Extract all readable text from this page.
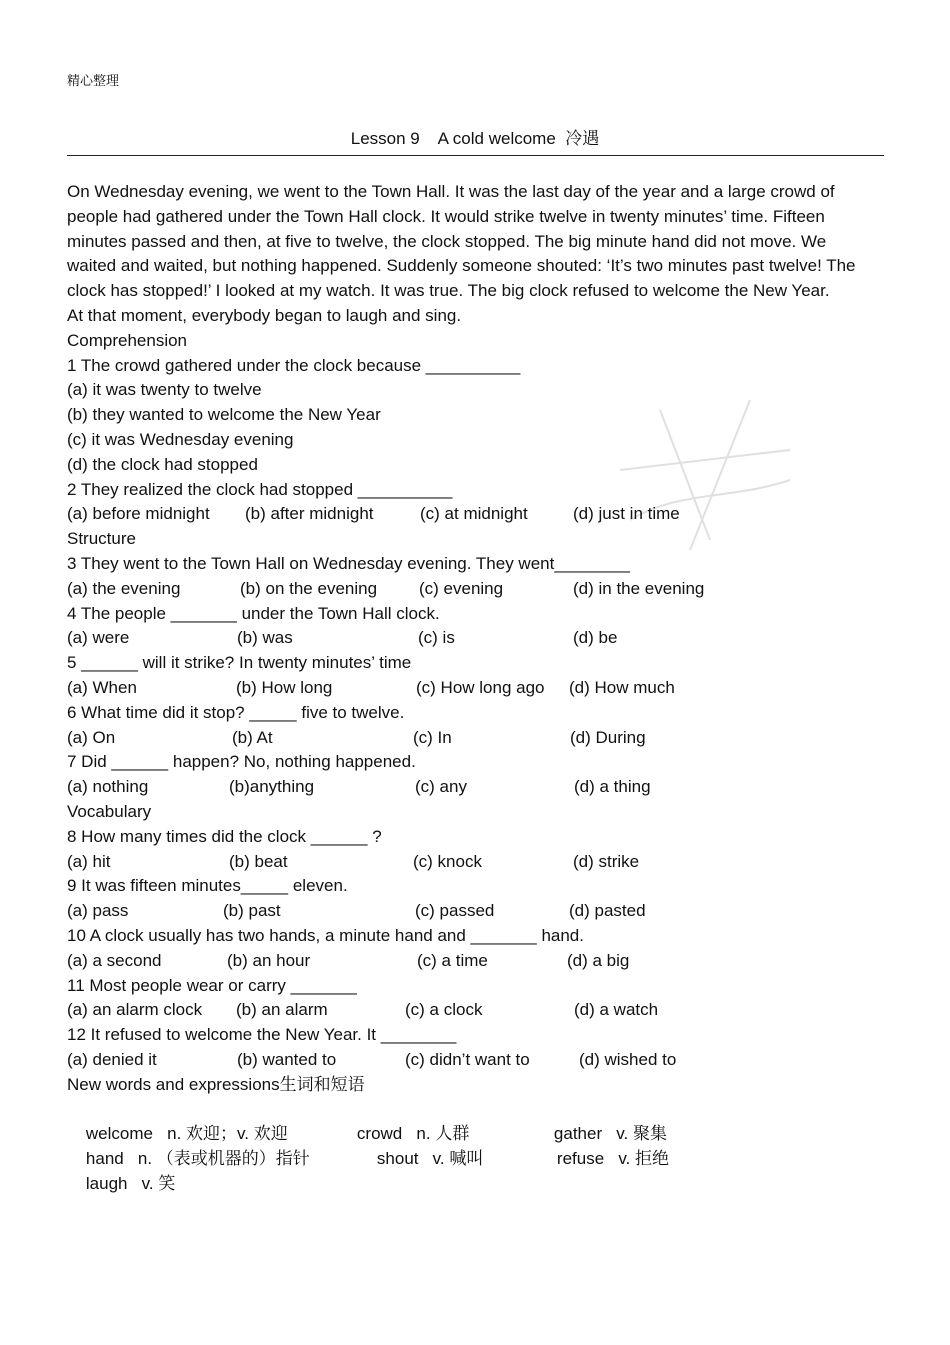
精心整理
Lesson 9    A cold welcome  冷遇
On Wednesday evening, we went to the Town Hall. It was the last day of the year and a large crowd of
people had gathered under the Town Hall clock. It would strike twelve in twenty minutes’ time. Fifteen
minutes passed and then, at five to twelve, the clock stopped. The big minute hand did not move. We
waited and waited, but nothing happened. Suddenly someone shouted: ‘It’s two minutes past twelve! The
clock has stopped!’ I looked at my watch. It was true. The big clock refused to welcome the New Year.
At that moment, everybody began to laugh and sing.
Comprehension
1 The crowd gathered under the clock because __________
(a) it was twenty to twelve
(b) they wanted to welcome the New Year
(c) it was Wednesday evening
(d) the clock had stopped
2 They realized the clock had stopped __________
(a) before midnight (b) after midnight	(c) at midnight	(d) just in time
Structure
3 They went to the Town Hall on Wednesday evening. They went________
(a) the evening	(b) on the evening (c) evening	(d) in the evening
4 The people _______ under the Town Hall clock.
(a) were	(b) was	(c) is	(d) be
5 ______ will it strike? In twenty minutes’ time
(a) When	(b) How long	(c) How long ago (d) How much
6 What time did it stop? _____ five to twelve.
(a) On	(b) At	(c) In	(d) During
7 Did ______ happen? No, nothing happened.
(a) nothing	(b)anything	(c) any	(d) a thing
Vocabulary
8 How many times did the clock ______ ?
(a) hit	(b) beat	(c) knock	(d) strike
9 It was fifteen minutes_____ eleven.
(a) pass	(b) past	(c) passed	(d) pasted
10 A clock usually has two hands, a minute hand and _______ hand.
(a) a second	(b) an hour	(c) a time	(d) a big
11 Most people wear or carry _______
(a) an alarm clock (b) an alarm	(c) a clock	(d) a watch
12 It refused to welcome the New Year. It ________
(a) denied it	(b) wanted to	(c) didn’t want to	(d) wished to
New words and expressions生词和短语

welcome   n. 欢迎；v. 欢迎	crowd   n. 人群	gather   v. 聚集

hand   n. （表或机器的）指针	shout   v. 喊叫	refuse   v. 拒绝

laugh   v. 笑
